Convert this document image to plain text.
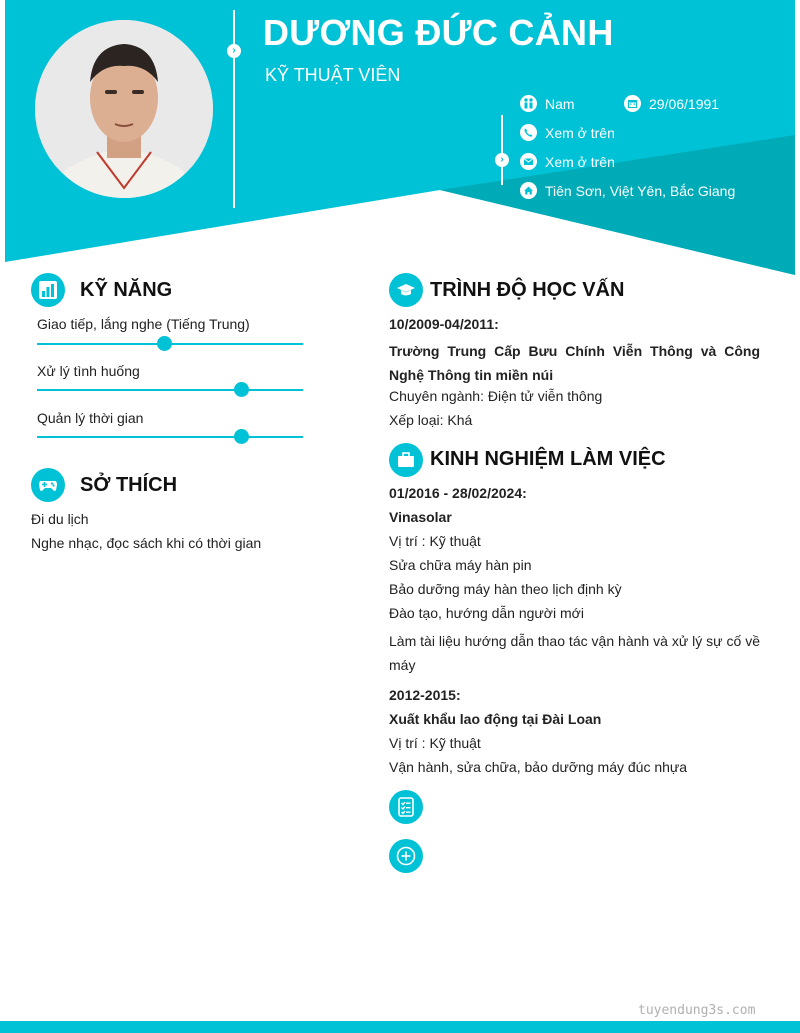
›
›
DƯƠNG ĐỨC CẢNH
KỸ THUẬT VIÊN
Nam	29/06/1991
Xem ở trên
Xem ở trên
Tiên Sơn, Việt Yên, Bắc Giang
KỸ NĂNG
Giao tiếp, lắng nghe (Tiếng Trung)
Xử lý tình huống
Quản lý thời gian
SỞ THÍCH
Đi du lịch
Nghe nhạc, đọc sách khi có thời gian
TRÌNH ĐỘ HỌC VẤN
10/2009-04/2011:
Trường Trung Cấp Bưu Chính Viễn Thông và Công Nghệ Thông tin miền núi
Chuyên ngành: Điện tử viễn thông
Xếp loại: Khá
KINH NGHIỆM LÀM VIỆC
01/2016 - 28/02/2024:
Vinasolar
Vị trí : Kỹ thuật
Sửa chữa máy hàn pin
Bảo dưỡng máy hàn theo lịch định kỳ
Đào tạo, hướng dẫn người mới
Làm tài liệu hướng dẫn thao tác vận hành và xử lý sự cố về máy
2012-2015:
Xuất khẩu lao động tại Đài Loan
Vị trí : Kỹ thuật
Vận hành, sửa chữa, bảo dưỡng máy đúc nhựa
tuyendung3s.com
